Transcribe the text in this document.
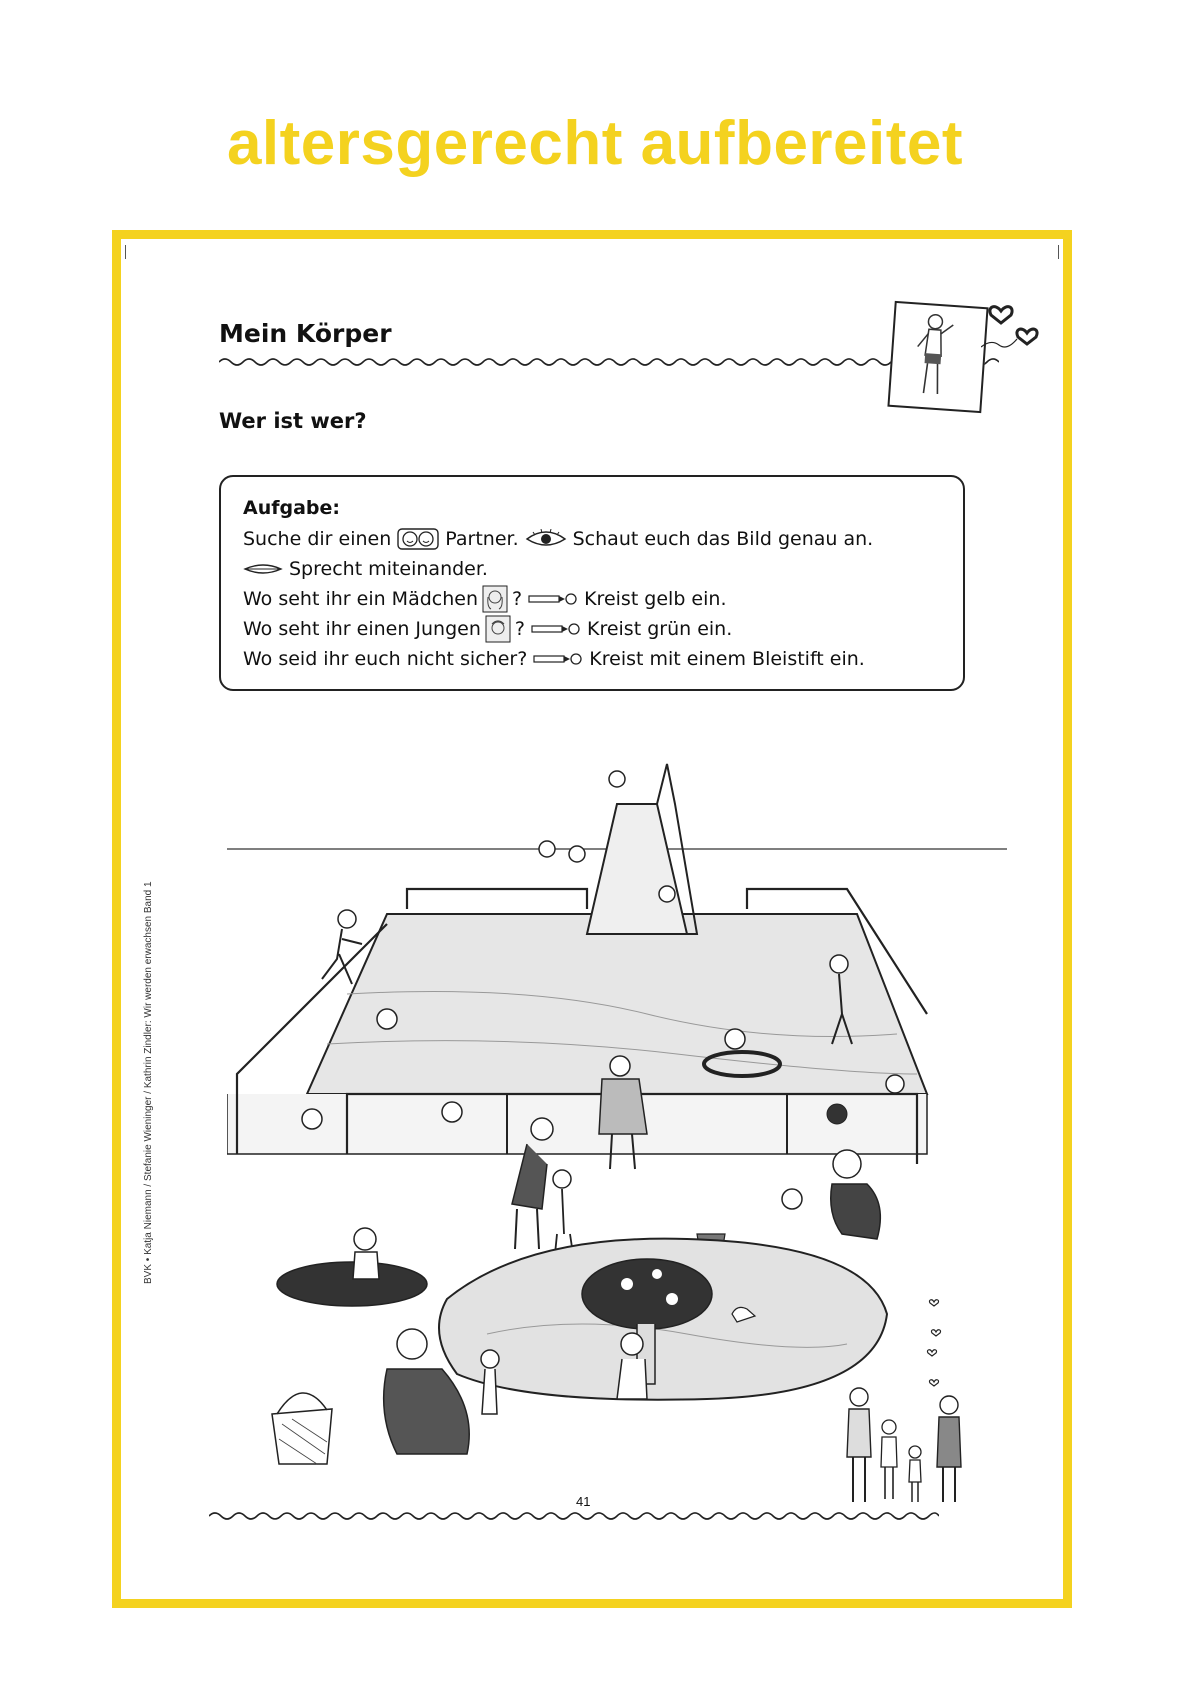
altersgerecht aufbereitet
Mein Körper
Wer ist wer?
Aufgabe:
Suche dir einen	Partner.	Schaut euch das Bild genau an.
Sprecht miteinander.
Wo seht ihr ein Mädchen ?	Kreist gelb ein.
Wo seht ihr einen Jungen ?	Kreist grün ein.
Wo seid ihr euch nicht sicher?	Kreist mit einem Bleistift ein.
BVK • Katja Niemann / Stefanie Wieninger / Kathrin Zindler: Wir werden erwachsen Band 1
41
